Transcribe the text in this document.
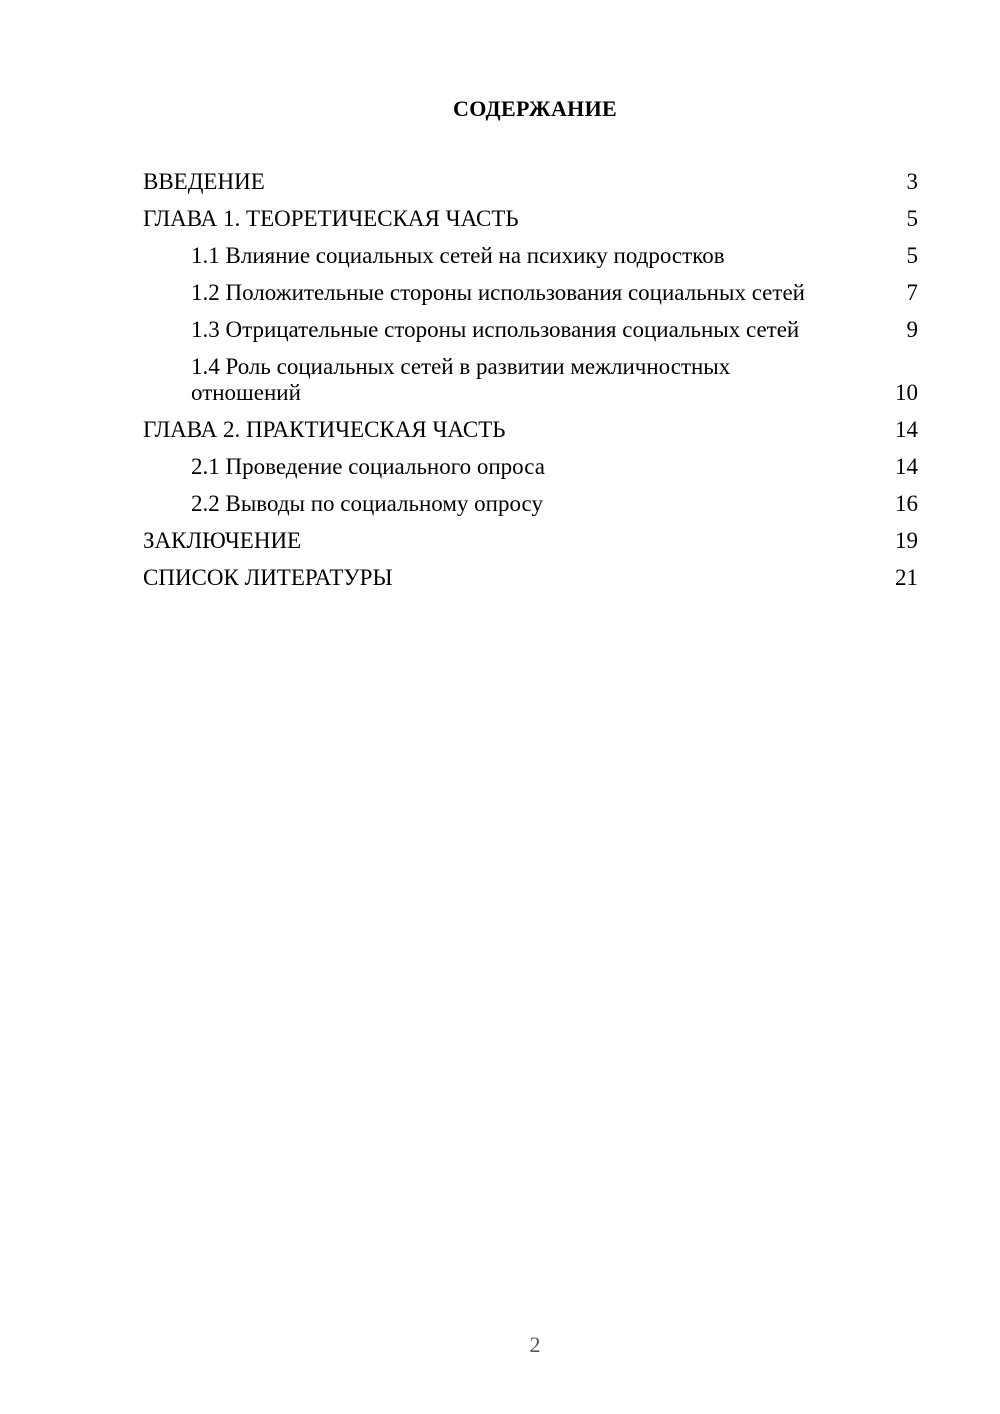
СОДЕРЖАНИЕ
ВВЕДЕНИЕ	3
ГЛАВА 1. ТЕОРЕТИЧЕСКАЯ ЧАСТЬ	5
1.1 Влияние социальных сетей на психику подростков	5
1.2 Положительные стороны использования социальных сетей	7
1.3 Отрицательные стороны использования социальных сетей	9
1.4 Роль социальных сетей в развитии межличностных отношений	10
ГЛАВА 2. ПРАКТИЧЕСКАЯ ЧАСТЬ	14
2.1 Проведение социального опроса	14
2.2 Выводы по социальному опросу	16
ЗАКЛЮЧЕНИЕ	19
СПИСОК ЛИТЕРАТУРЫ	21
2
